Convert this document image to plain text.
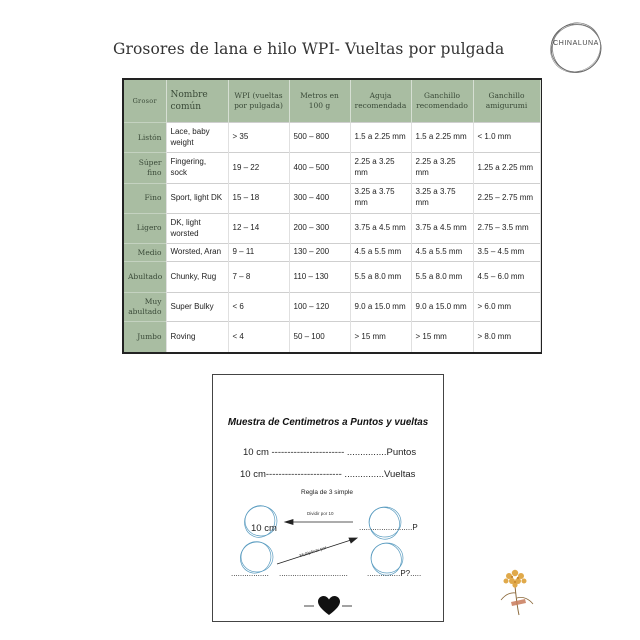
Grosores de lana e hilo WPI- Vueltas por pulgada	CHINALUNA
Grosor	Nombre común	WPI (vueltas por pulgada)	Metros en 100 g	Aguja recomendada	Ganchillo recomendado	Ganchillo amigurumi
Listón	Lace, baby weight	> 35	500 – 800	1.5 a 2.25 mm	1.5 a 2.25 mm	< 1.0 mm
Súper fino	Fingering, sock	19 – 22	400 – 500	2.25 a 3.25 mm	2.25 a 3.25 mm	1.25 a 2.25 mm
Fino	Sport, light DK	15 – 18	300 – 400	3.25 a 3.75 mm	3.25 a 3.75 mm	2.25 – 2.75 mm
Ligero	DK, light worsted	12 – 14	200 – 300	3.75 a 4.5 mm	3.75 a 4.5 mm	2.75 – 3.5 mm
Medio	Worsted, Aran	9 – 11	130 – 200	4.5 a 5.5 mm	4.5 a 5.5 mm	3.5 – 4.5 mm
Abultado	Chunky, Rug	7 – 8	110 – 130	5.5 a 8.0 mm	5.5 a 8.0 mm	4.5 – 6.0 mm
Muy abultado	Super Bulky	< 6	100 – 120	9.0 a 15.0 mm	9.0 a 15.0 mm	> 6.0 mm
Jumbo	Roving	< 4	50 – 100	> 15 mm	> 15 mm	> 8.0 mm
Muestra de Centimetros a Puntos y vueltas
10 cm ----------------------- ...............Puntos
10 cm------------------------ ...............Vueltas
Regla de 3 simple
Dividir por 10
Multiplicar por
10 cm	........................P
................. ............................... ...............P?.....
